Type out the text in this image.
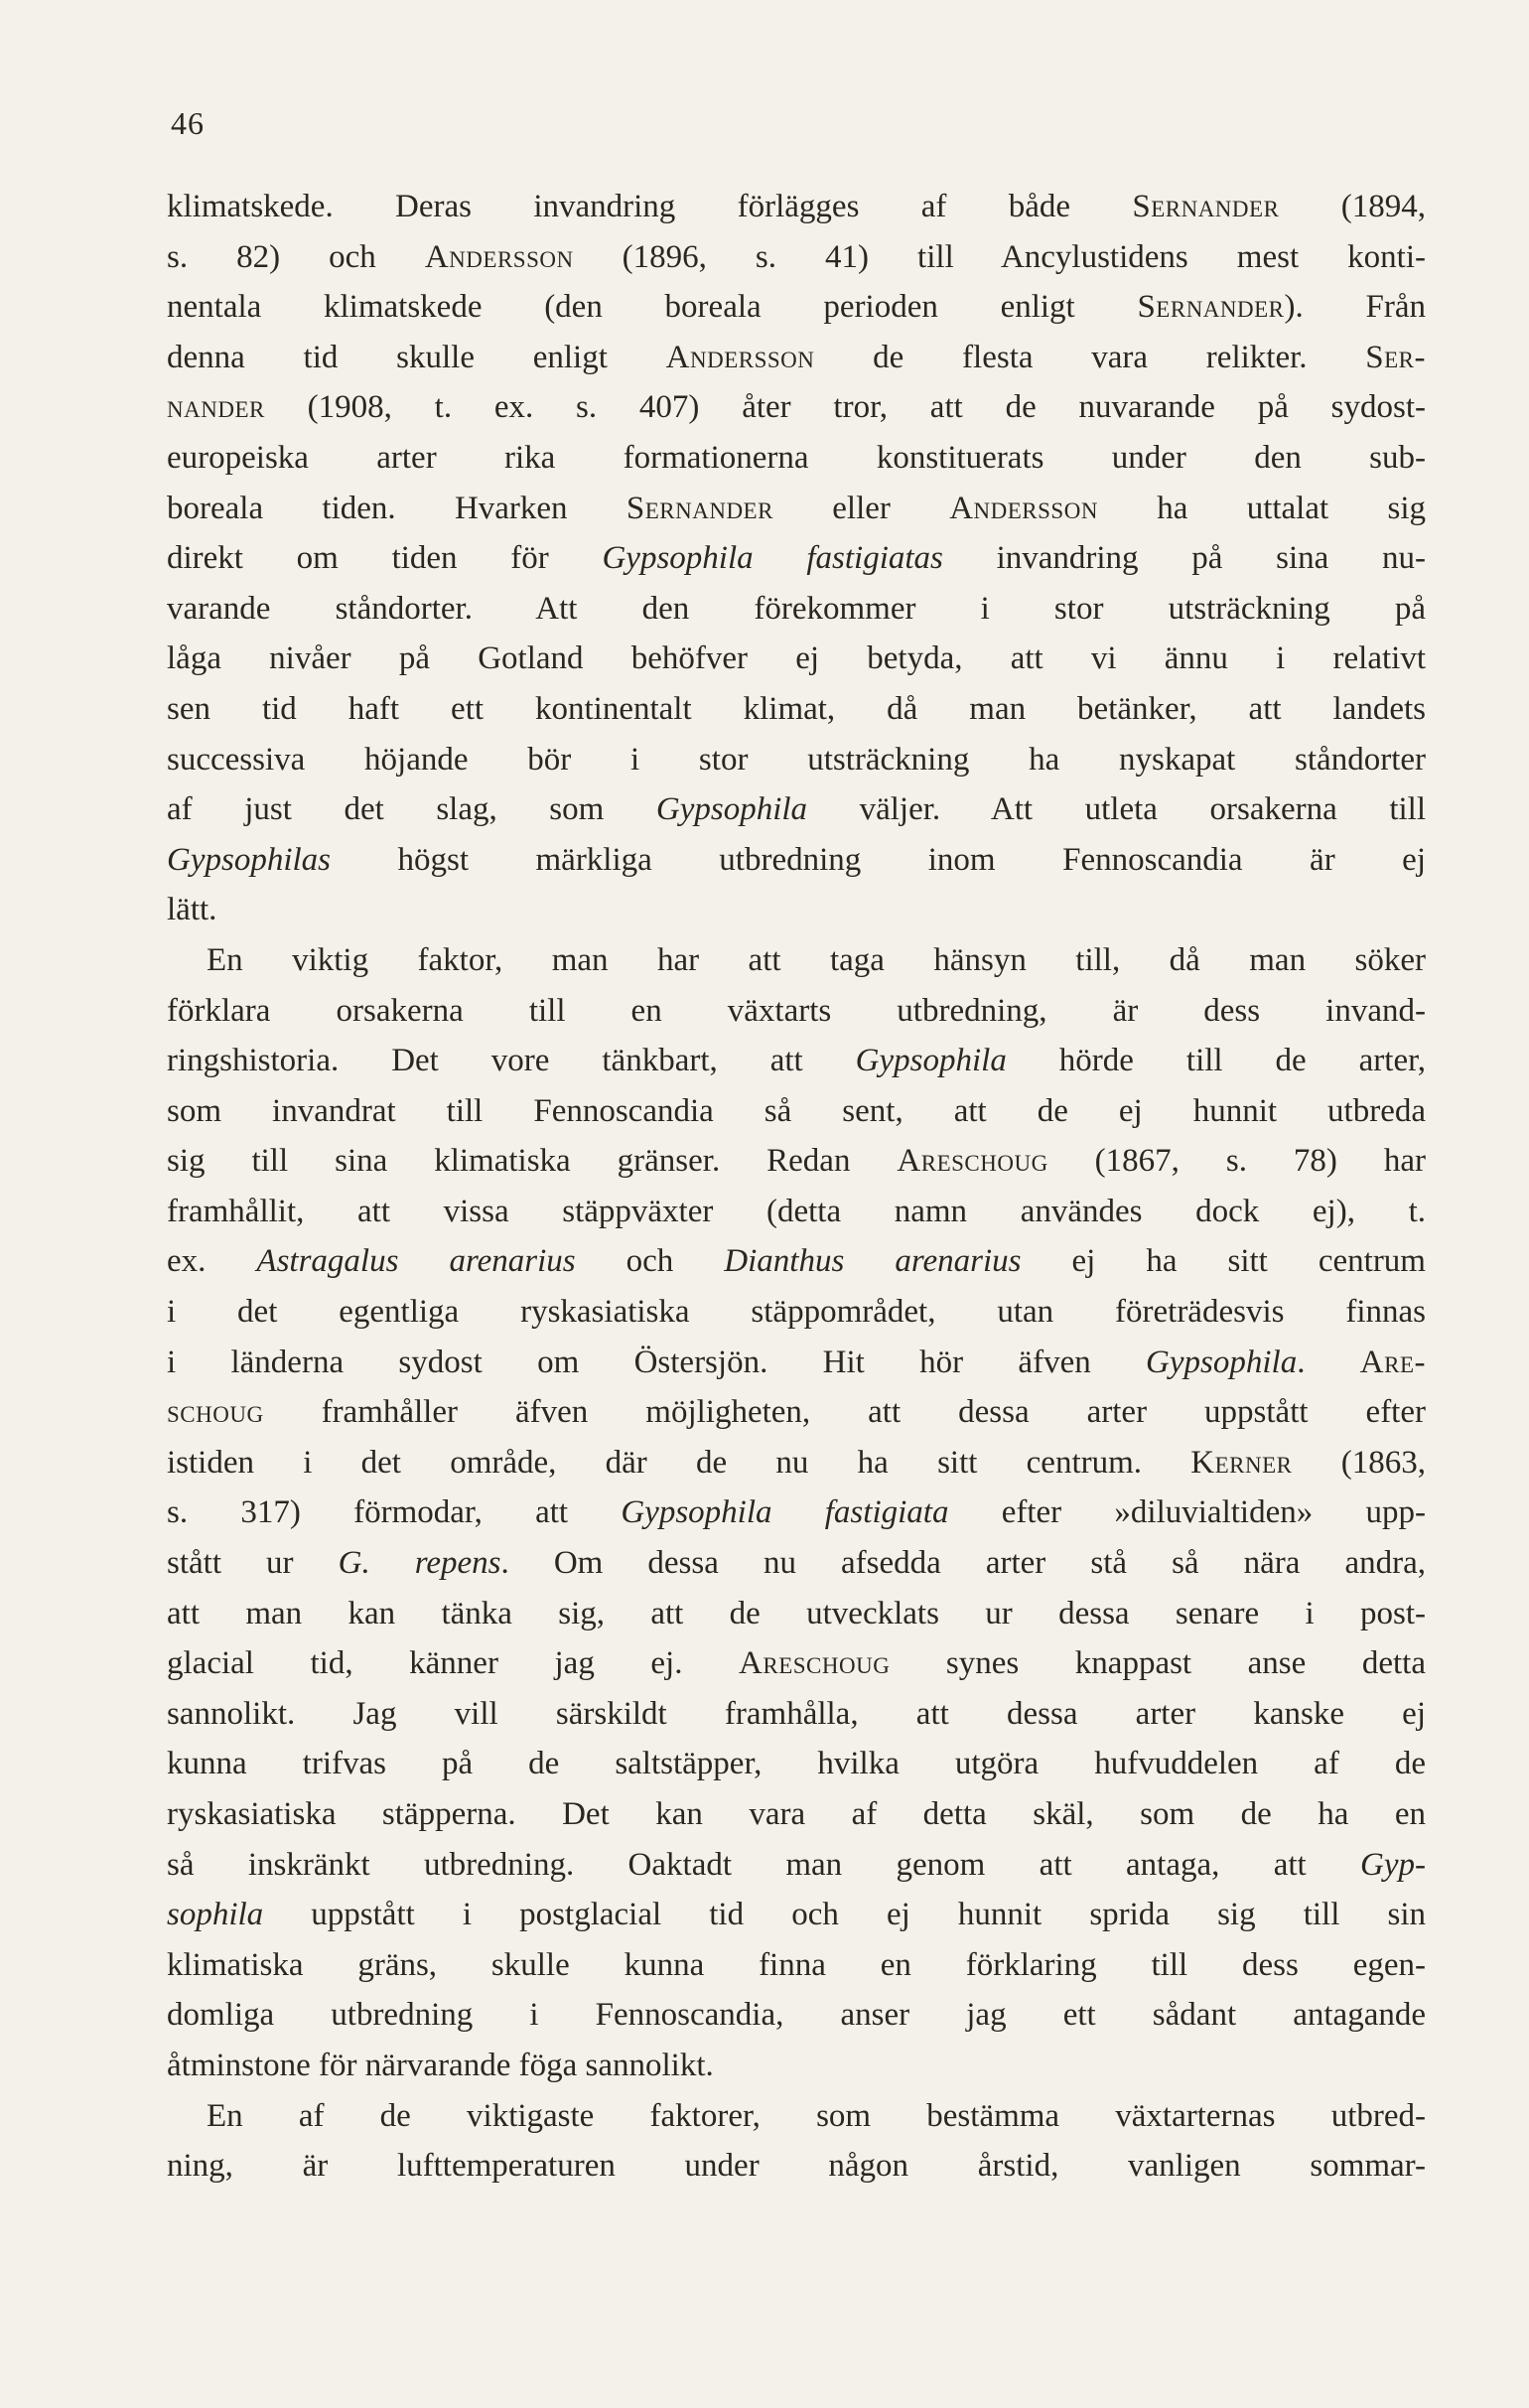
46
klimatskede. Deras invandring förlägges af både Sernander (1894,
s. 82) och Andersson (1896, s. 41) till Ancylustidens mest konti-
nentala klimatskede (den boreala perioden enligt Sernander). Från
denna tid skulle enligt Andersson de flesta vara relikter. Ser-
nander (1908, t. ex. s. 407) åter tror, att de nuvarande på sydost-
europeiska arter rika formationerna konstituerats under den sub-
boreala tiden. Hvarken Sernander eller Andersson ha uttalat sig
direkt om tiden för Gypsophila fastigiatas invandring på sina nu-
varande ståndorter. Att den förekommer i stor utsträckning på
låga nivåer på Gotland behöfver ej betyda, att vi ännu i relativt
sen tid haft ett kontinentalt klimat, då man betänker, att landets
successiva höjande bör i stor utsträckning ha nyskapat ståndorter
af just det slag, som Gypsophila väljer. Att utleta orsakerna till
Gypsophilas högst märkliga utbredning inom Fennoscandia är ej
lätt.
En viktig faktor, man har att taga hänsyn till, då man söker
förklara orsakerna till en växtarts utbredning, är dess invand-
ringshistoria. Det vore tänkbart, att Gypsophila hörde till de arter,
som invandrat till Fennoscandia så sent, att de ej hunnit utbreda
sig till sina klimatiska gränser. Redan Areschoug (1867, s. 78) har
framhållit, att vissa stäppväxter (detta namn användes dock ej), t.
ex. Astragalus arenarius och Dianthus arenarius ej ha sitt centrum
i det egentliga ryskasiatiska stäppområdet, utan företrädesvis finnas
i länderna sydost om Östersjön. Hit hör äfven Gypsophila. Are-
schoug framhåller äfven möjligheten, att dessa arter uppstått efter
istiden i det område, där de nu ha sitt centrum. Kerner (1863,
s. 317) förmodar, att Gypsophila fastigiata efter »diluvialtiden» upp-
stått ur G. repens. Om dessa nu afsedda arter stå så nära andra,
att man kan tänka sig, att de utvecklats ur dessa senare i post-
glacial tid, känner jag ej. Areschoug synes knappast anse detta
sannolikt. Jag vill särskildt framhålla, att dessa arter kanske ej
kunna trifvas på de saltstäpper, hvilka utgöra hufvuddelen af de
ryskasiatiska stäpperna. Det kan vara af detta skäl, som de ha en
så inskränkt utbredning. Oaktadt man genom att antaga, att Gyp-
sophila uppstått i postglacial tid och ej hunnit sprida sig till sin
klimatiska gräns, skulle kunna finna en förklaring till dess egen-
domliga utbredning i Fennoscandia, anser jag ett sådant antagande
åtminstone för närvarande föga sannolikt.
En af de viktigaste faktorer, som bestämma växtarternas utbred-
ning, är lufttemperaturen under någon årstid, vanligen sommar-
